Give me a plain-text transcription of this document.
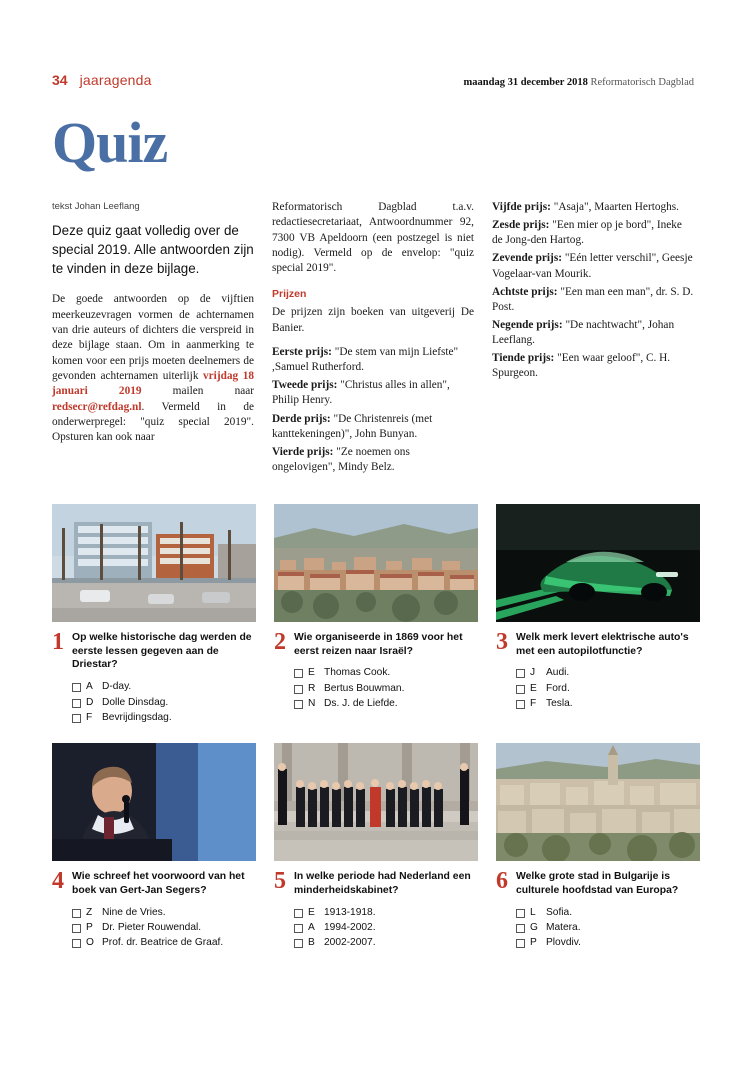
34 jaaragenda	maandag 31 december 2018 Reformatorisch Dagblad
Quiz
tekst Johan Leeflang

Deze quiz gaat volledig over de special 2019. Alle antwoorden zijn te vinden in deze bijlage.

De goede antwoorden op de vijftien meerkeuzevragen vormen de achternamen van drie auteurs of dichters die verspreid in deze bijlage staan. Om in aanmerking te komen voor een prijs moeten deelnemers de gevonden achternamen uiterlijk vrijdag 18 januari 2019 mailen naar redsecr@refdag.nl. Vermeld in de onderwerpregel: "quiz special 2019". Opsturen kan ook naar

Reformatorisch Dagblad t.a.v. redactiesecretariaat, Antwoordnummer 92, 7300 VB Apeldoorn (een postzegel is niet nodig). Vermeld op de envelop: "quiz special 2019".

Prijzen

De prijzen zijn boeken van uitgeverij De Banier.

Eerste prijs: "De stem van mijn Liefste" ,Samuel Rutherford.

Tweede prijs: "Christus alles in allen", Philip Henry.

Derde prijs: "De Christenreis (met kanttekeningen)", John Bunyan.

Vierde prijs: "Ze noemen ons ongelovigen", Mindy Belz.

Vijfde prijs: "Asaja", Maarten Hertoghs.

Zesde prijs: "Een mier op je bord", Ineke de Jong-den Hartog.

Zevende prijs: "Eén letter verschil", Geesje Vogelaar-van Mourik.

Achtste prijs: "Een man een man", dr. S. D. Post.

Negende prijs: "De nachtwacht", Johan Leeflang.

Tiende prijs: "Een waar geloof", C. H. Spurgeon.

1 Op welke historische dag werden de eerste lessen gegeven aan de Driestar?
A D-day.
D Dolle Dinsdag.
F Bevrijdingsdag.
2 Wie organiseerde in 1869 voor het eerst reizen naar Israël?
E Thomas Cook.
R Bertus Bouwman.
N Ds. J. de Liefde.
3 Welk merk levert elektrische auto's met een autopilotfunctie?
J	Audi.
E Ford.
F Tesla.
4 Wie schreef het voorwoord van het boek van Gert-Jan Segers?
Z Nine de Vries.
P Dr. Pieter Rouwendal.
O Prof. dr. Beatrice de Graaf.
5 In welke periode had Nederland een minderheidskabinet?
E 1913-1918.
A 1994-2002.
B 2002-2007.
6 Welke grote stad in Bulgarije is culturele hoofdstad van Europa?
L	Sofia.
G Matera.
P Plovdiv.
